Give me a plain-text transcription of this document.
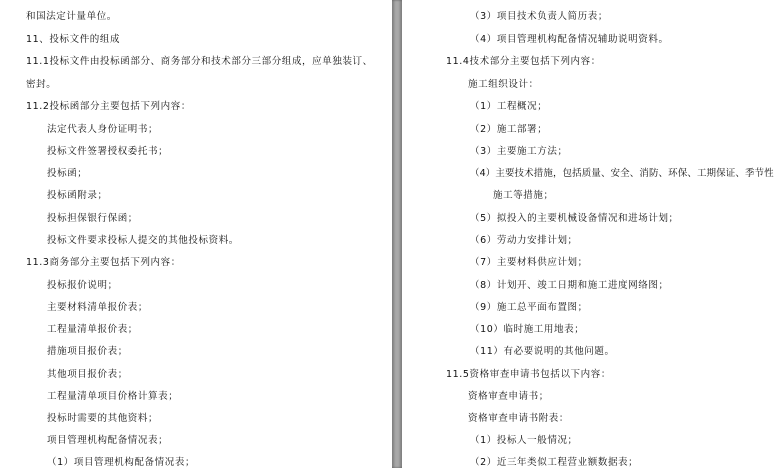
和国法定计量单位。
11、投标文件的组成
11.1投标文件由投标函部分、商务部分和技术部分三部分组成，应单独装订、
密封。
11.2投标函部分主要包括下列内容：
法定代表人身份证明书；
投标文件签署授权委托书；
投标函；
投标函附录；
投标担保银行保函；
投标文件要求投标人提交的其他投标资料。
11.3商务部分主要包括下列内容：
投标报价说明；
主要材料清单报价表；
工程量清单报价表；
措施项目报价表；
其他项目报价表；
工程量清单项目价格计算表；
投标时需要的其他资料；
项目管理机构配备情况表；
（1）项目管理机构配备情况表；
（3）项目技术负责人简历表；
（4）项目管理机构配备情况辅助说明资料。
11.4技术部分主要包括下列内容：
施工组织设计：
（1）工程概况；
（2）施工部署；
（3）主要施工方法；
（4）主要技术措施，包括质量、安全、消防、环保、工期保证、季节性
施工等措施；
（5）拟投入的主要机械设备情况和进场计划；
（6）劳动力安排计划；
（7）主要材料供应计划；
（8）计划开、竣工日期和施工进度网络图；
（9）施工总平面布置图；
（10）临时施工用地表；
（11）有必要说明的其他问题。
11.5资格审查申请书包括以下内容：
资格审查申请书；
资格审查申请书附表：
（1）投标人一般情况；
（2）近三年类似工程营业额数据表；
